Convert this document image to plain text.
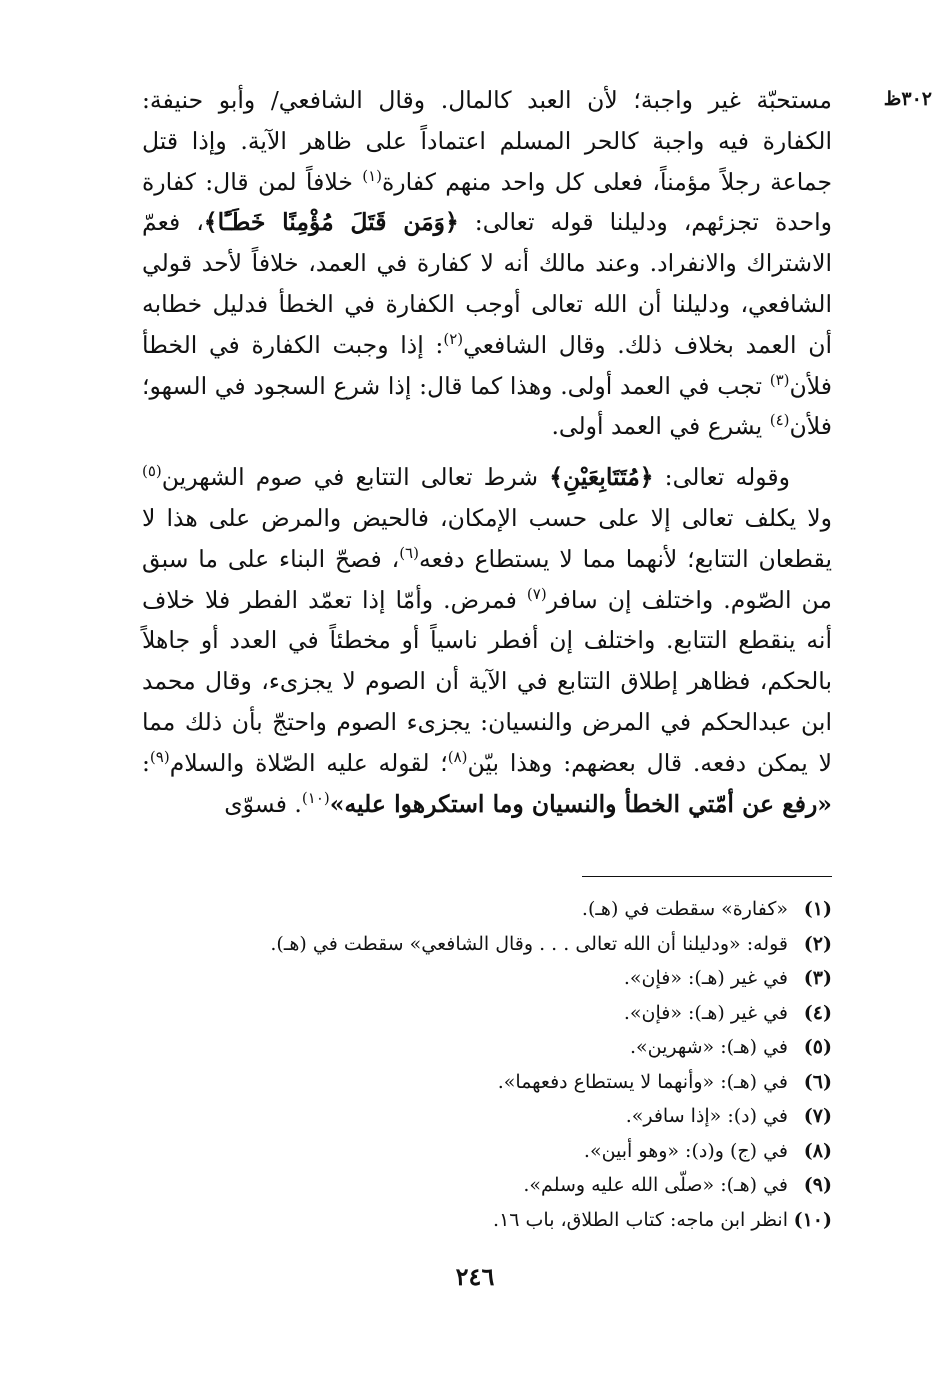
٣٠٢ظ

مستحبّة غير واجبة؛ لأن العبد كالمال. وقال الشافعي/ وأبو حنيفة: الكفارة فيه واجبة كالحر المسلم اعتماداً على ظاهر الآية. وإذا قتل جماعة رجلاً مؤمناً، فعلى كل واحد منهم كفارة$^{(١)}$ خلافاً لمن قال: كفارة واحدة تجزئهم، ودليلنا قوله تعالى: ﴿وَمَن قَتَلَ مُؤْمِنًا خَطَـًٔا﴾، فعمّ الاشتراك والانفراد. وعند مالك أنه لا كفارة في العمد، خلافاً لأحد قولي الشافعي، ودليلنا أن الله تعالى أوجب الكفارة في الخطأ فدليل خطابه أن العمد بخلاف ذلك. وقال الشافعي$^{(٢)}$: إذا وجبت الكفارة في الخطأ فلأن$^{(٣)}$ تجب في العمد أولى. وهذا كما قال: إذا شرع السجود في السهو؛ فلأن$^{(٤)}$ يشرع في العمد أولى.

وقوله تعالى: ﴿مُتَتَابِعَيْنِ﴾ شرط تعالى التتابع في صوم الشهرين$^{(٥)}$ ولا يكلف تعالى إلا على حسب الإمكان، فالحيض والمرض على هذا لا يقطعان التتابع؛ لأنهما مما لا يستطاع دفعه$^{(٦)}$، فصحّ البناء على ما سبق من الصّوم. واختلف إن سافر$^{(٧)}$ فمرض. وأمّا إذا تعمّد الفطر فلا خلاف أنه ينقطع التتابع. واختلف إن أفطر ناسياً أو مخطئاً في العدد أو جاهلاً بالحكم، فظاهر إطلاق التتابع في الآية أن الصوم لا يجزىء، وقال محمد ابن عبدالحكم في المرض والنسيان: يجزىء الصوم واحتجّ بأن ذلك مما لا يمكن دفعه. قال بعضهم: وهذا بيّن$^{(٨)}$؛ لقوله عليه الصّلاة والسلام$^{(٩)}$: «رفع عن أمّتي الخطأ والنسيان وما استكرهوا عليه»$^{(١٠)}$. فسوّى

(١)«كفارة» سقطت في (هـ).
(٢)قوله: «ودليلنا أن الله تعالى . . . وقال الشافعي» سقطت في (هـ).
(٣)في غير (هـ): «فإن».
(٤)في غير (هـ): «فإن».
(٥)في (هـ): «شهرين».
(٦)في (هـ): «وأنهما لا يستطاع دفعهما».
(٧)في (د): «إذا سافر».
(٨)في (ج) و(د): «وهو أبين».
(٩)في (هـ): «صلّى الله عليه وسلم».
(١٠)انظر ابن ماجه: كتاب الطلاق، باب ١٦.
٢٤٦
